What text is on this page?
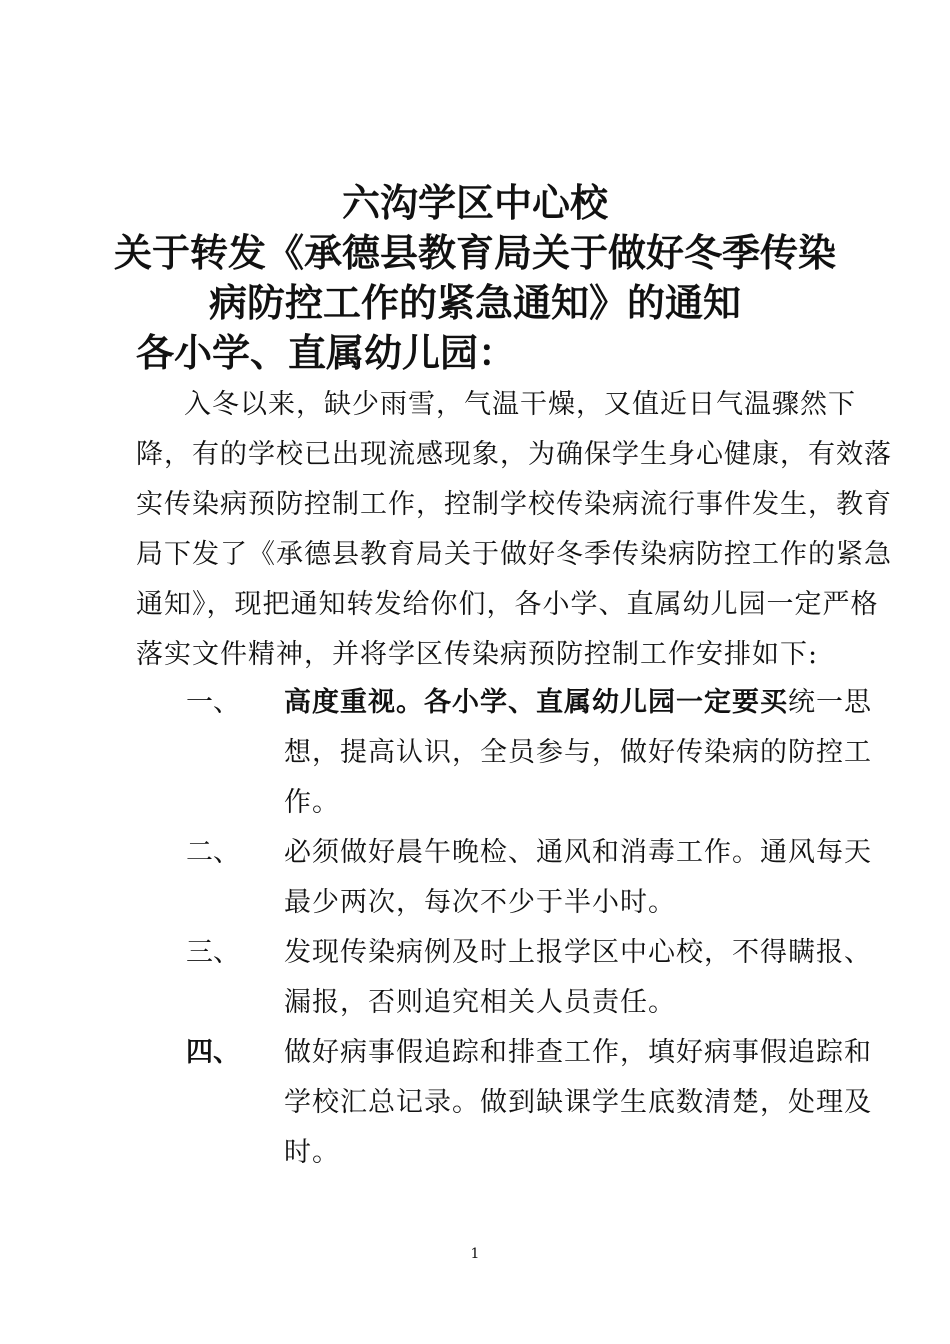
六沟学区中心校
关于转发《承德县教育局关于做好冬季传染
病防控工作的紧急通知》的通知
各小学、直属幼儿园：
入冬以来，缺少雨雪，气温干燥，又值近日气温骤然下
降，有的学校已出现流感现象，为确保学生身心健康，有效落
实传染病预防控制工作，控制学校传染病流行事件发生，教育
局下发了《承德县教育局关于做好冬季传染病防控工作的紧急
通知》，现把通知转发给你们，各小学、直属幼儿园一定严格
落实文件精神，并将学区传染病预防控制工作安排如下:
一、 高度重视。各小学、直属幼儿园一定要买统一思
想，提高认识，全员参与，做好传染病的防控工
作。
二、 必须做好晨午晚检、通风和消毒工作。通风每天
最少两次，每次不少于半小时。
三、 发现传染病例及时上报学区中心校，不得瞒报、
漏报，否则追究相关人员责任。
四、 做好病事假追踪和排查工作，填好病事假追踪和
学校汇总记录。做到缺课学生底数清楚，处理及
时。
1
